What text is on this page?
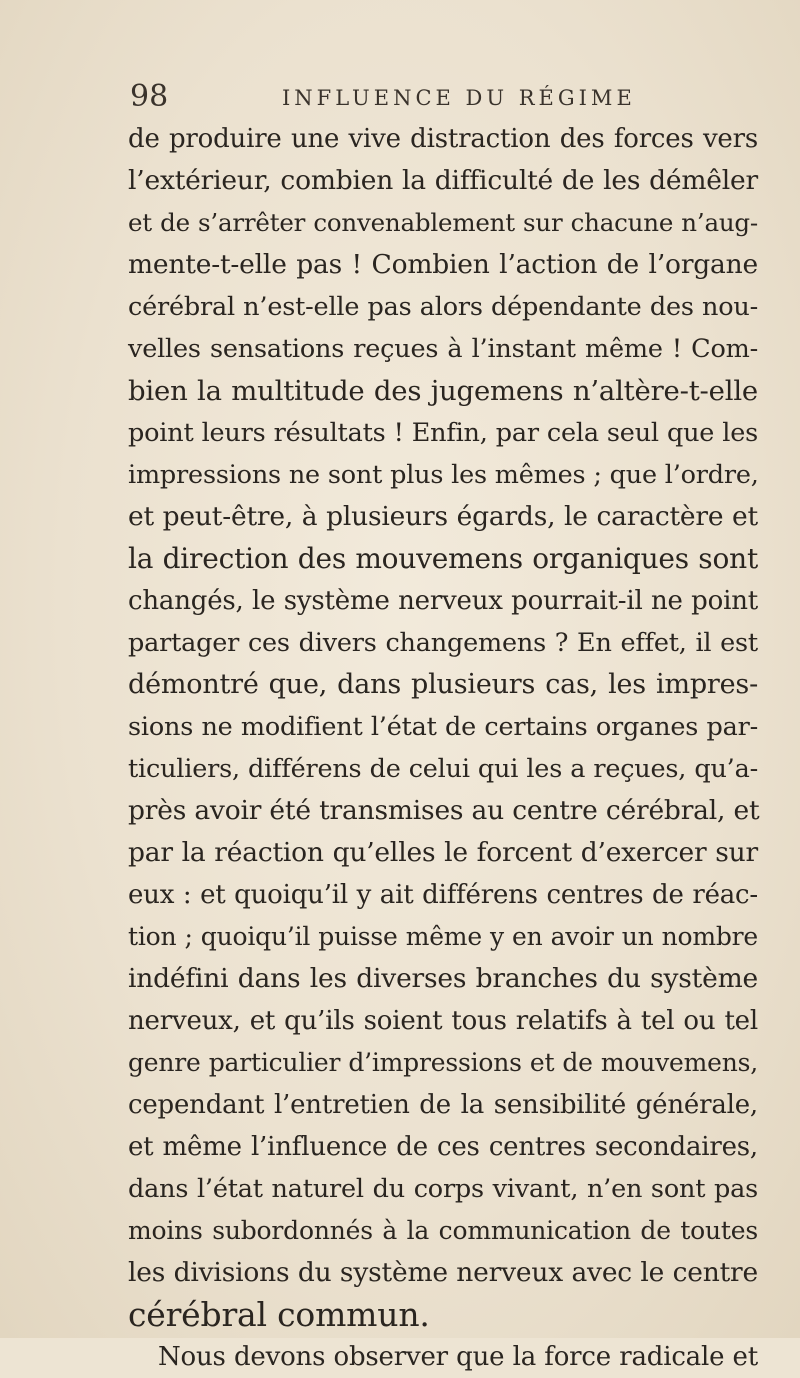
98	INFLUENCE DU RÉGIME
de produire une vive distraction des forces vers
l’extérieur, combien la difficulté de les démêler
et de s’arrêter convenablement sur chacune n’aug-
mente-t-elle pas ! Combien l’action de l’organe
cérébral n’est-elle pas alors dépendante des nou-
velles sensations reçues à l’instant même ! Com-
bien la multitude des jugemens n’altère-t-elle
point leurs résultats ! Enfin, par cela seul que les
impressions ne sont plus les mêmes ; que l’ordre,
et peut-être, à plusieurs égards, le caractère et
la direction des mouvemens organiques sont
changés, le système nerveux pourrait-il ne point
partager ces divers changemens ? En effet, il est
démontré que, dans plusieurs cas, les impres-
sions ne modifient l’état de certains organes par-
ticuliers, différens de celui qui les a reçues, qu’a-
près avoir été transmises au centre cérébral, et
par la réaction qu’elles le forcent d’exercer sur
eux : et quoiqu’il y ait différens centres de réac-
tion ; quoiqu’il puisse même y en avoir un nombre
indéfini dans les diverses branches du système
nerveux, et qu’ils soient tous relatifs à tel ou tel
genre particulier d’impressions et de mouvemens,
cependant l’entretien de la sensibilité générale,
et même l’influence de ces centres secondaires,
dans l’état naturel du corps vivant, n’en sont pas
moins subordonnés à la communication de toutes
les divisions du système nerveux avec le centre
cérébral commun.
Nous devons observer que la force radicale et
